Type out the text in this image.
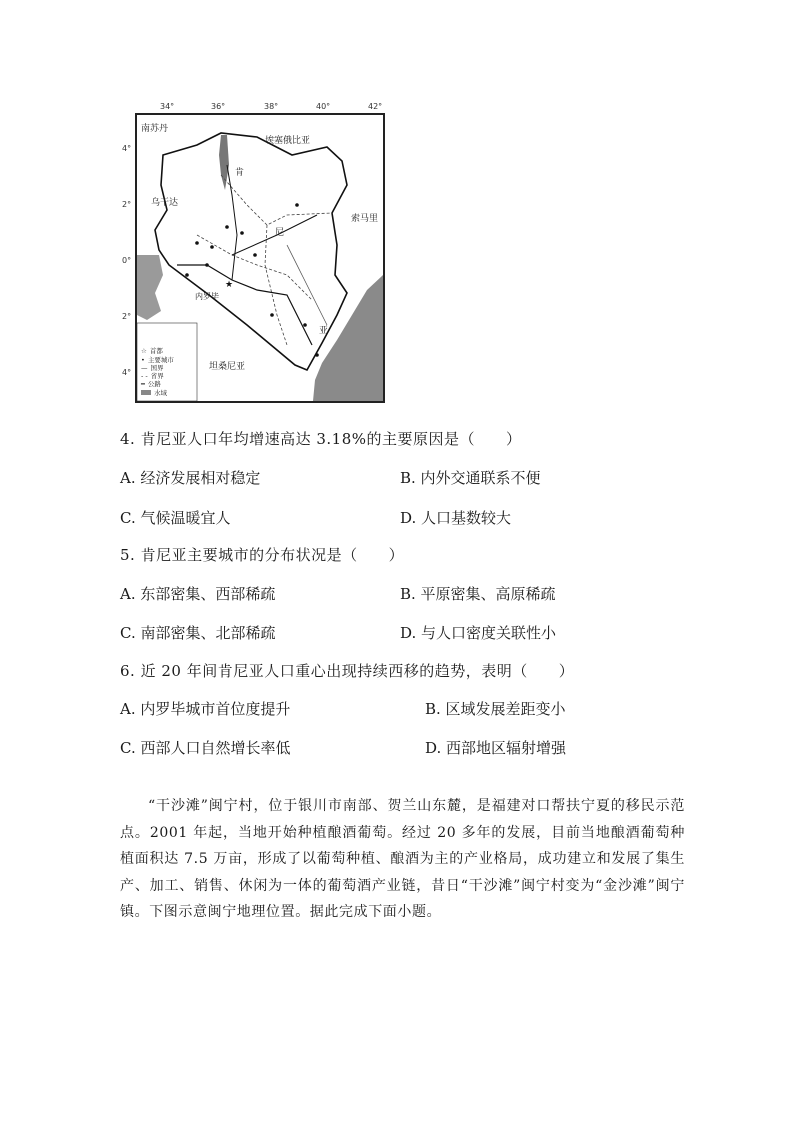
34°	36°	38°	40°	42°
4°
2°
0°
2°
4°
★
南苏丹
埃塞俄比亚
乌干达
索马里
坦桑尼亚
肯
尼
亚
内罗毕
☆ 首都
• 主要城市
— 国界
- - 省界
━ 公路
水域
4. 肯尼亚人口年均增速高达 3.18%的主要原因是（　　）
A. 经济发展相对稳定	B. 内外交通联系不便
C. 气候温暖宜人	D. 人口基数较大
5. 肯尼亚主要城市的分布状况是（　　）
A. 东部密集、西部稀疏	B. 平原密集、高原稀疏
C. 南部密集、北部稀疏	D. 与人口密度关联性小
6. 近 20 年间肯尼亚人口重心出现持续西移的趋势，表明（　　）
A. 内罗毕城市首位度提升	B. 区域发展差距变小
C. 西部人口自然增长率低	D. 西部地区辐射增强
“干沙滩”闽宁村，位于银川市南部、贺兰山东麓，是福建对口帮扶宁夏的移民示范点。2001 年起，当地开始种植酿酒葡萄。经过 20 多年的发展，目前当地酿酒葡萄种植面积达 7.5 万亩，形成了以葡萄种植、酿酒为主的产业格局，成功建立和发展了集生产、加工、销售、休闲为一体的葡萄酒产业链，昔日“干沙滩”闽宁村变为“金沙滩”闽宁镇。下图示意闽宁地理位置。据此完成下面小题。
